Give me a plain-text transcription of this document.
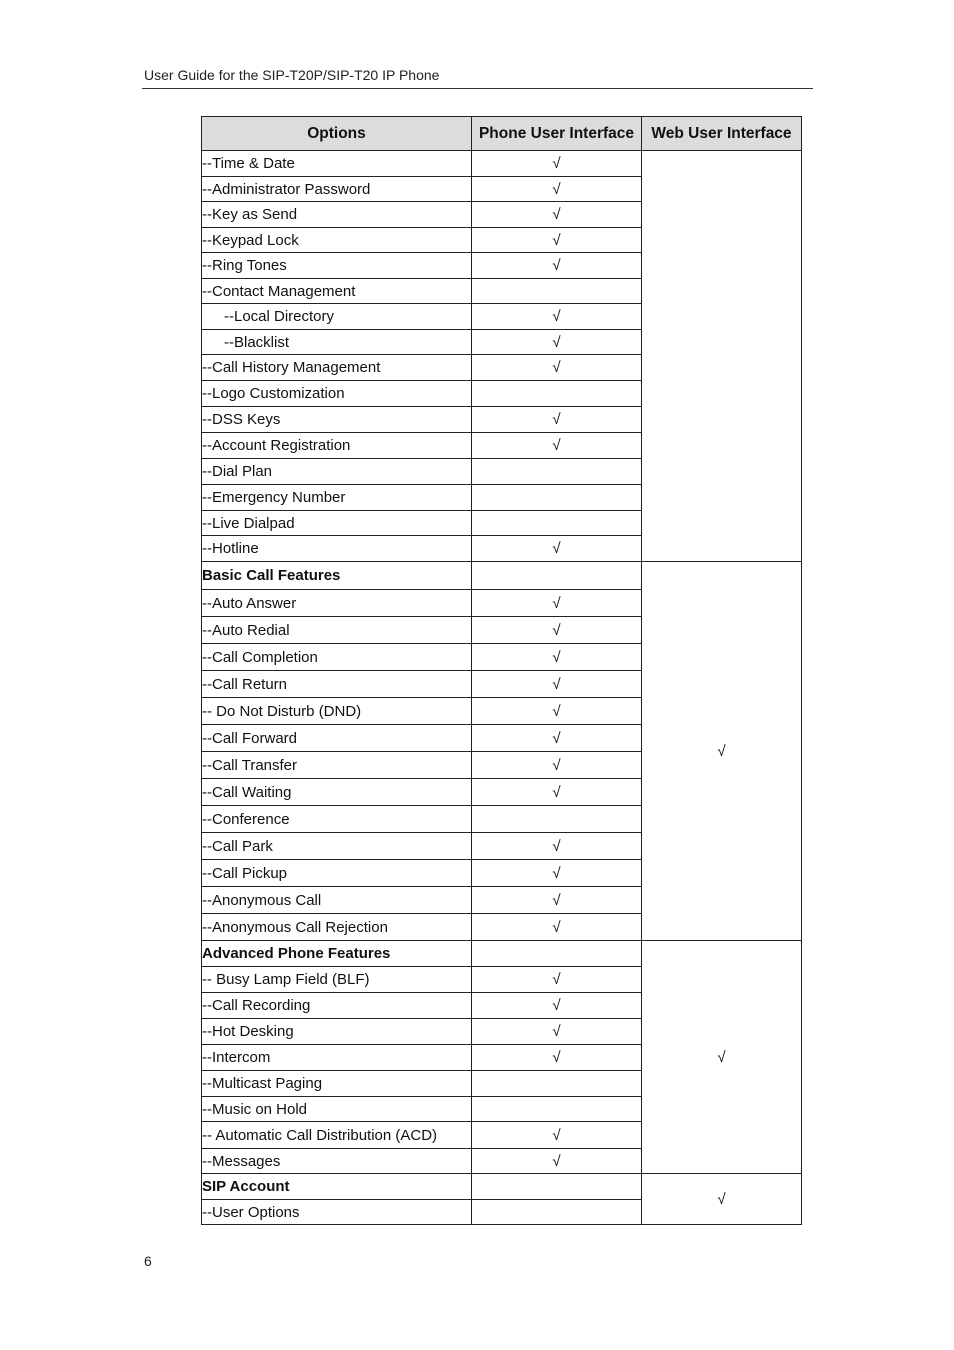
User Guide for the SIP-T20P/SIP-T20 IP Phone
Options	Phone User Interface	Web User Interface
--Time & Date	√	
--Administrator Password	√	
--Key as Send	√	
--Keypad Lock	√	
--Ring Tones	√	
--Contact Management		
--Local Directory	√	
--Blacklist	√	
--Call History Management	√	
--Logo Customization		
--DSS Keys	√	
--Account Registration	√	
--Dial Plan		
--Emergency Number		
--Live Dialpad		
--Hotline	√	
Basic Call Features		√
--Auto Answer	√	
--Auto Redial	√	
--Call Completion	√	
--Call Return	√	
-- Do Not Disturb (DND)	√	
--Call Forward	√	
--Call Transfer	√	
--Call Waiting	√	
--Conference		
--Call Park	√	
--Call Pickup	√	
--Anonymous Call	√	
--Anonymous Call Rejection	√	
Advanced Phone Features		√
-- Busy Lamp Field (BLF)	√	
--Call Recording	√	
--Hot Desking	√	
--Intercom	√	
--Multicast Paging		
--Music on Hold		
-- Automatic Call Distribution (ACD)	√	
--Messages	√	
SIP Account		√
--User Options		
6
